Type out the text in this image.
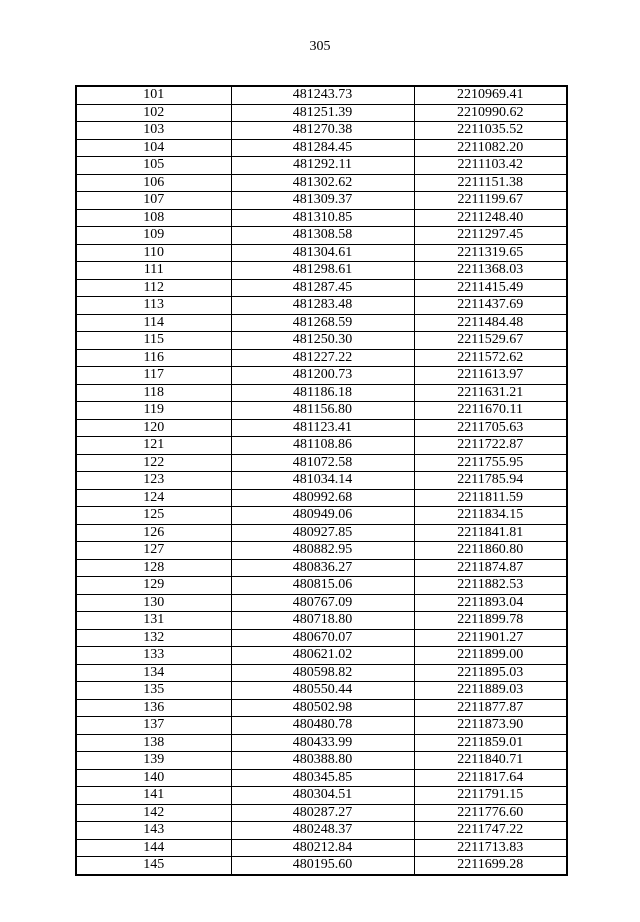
305
101	481243.73	2210969.41
102	481251.39	2210990.62
103	481270.38	2211035.52
104	481284.45	2211082.20
105	481292.11	2211103.42
106	481302.62	2211151.38
107	481309.37	2211199.67
108	481310.85	2211248.40
109	481308.58	2211297.45
110	481304.61	2211319.65
111	481298.61	2211368.03
112	481287.45	2211415.49
113	481283.48	2211437.69
114	481268.59	2211484.48
115	481250.30	2211529.67
116	481227.22	2211572.62
117	481200.73	2211613.97
118	481186.18	2211631.21
119	481156.80	2211670.11
120	481123.41	2211705.63
121	481108.86	2211722.87
122	481072.58	2211755.95
123	481034.14	2211785.94
124	480992.68	2211811.59
125	480949.06	2211834.15
126	480927.85	2211841.81
127	480882.95	2211860.80
128	480836.27	2211874.87
129	480815.06	2211882.53
130	480767.09	2211893.04
131	480718.80	2211899.78
132	480670.07	2211901.27
133	480621.02	2211899.00
134	480598.82	2211895.03
135	480550.44	2211889.03
136	480502.98	2211877.87
137	480480.78	2211873.90
138	480433.99	2211859.01
139	480388.80	2211840.71
140	480345.85	2211817.64
141	480304.51	2211791.15
142	480287.27	2211776.60
143	480248.37	2211747.22
144	480212.84	2211713.83
145	480195.60	2211699.28
